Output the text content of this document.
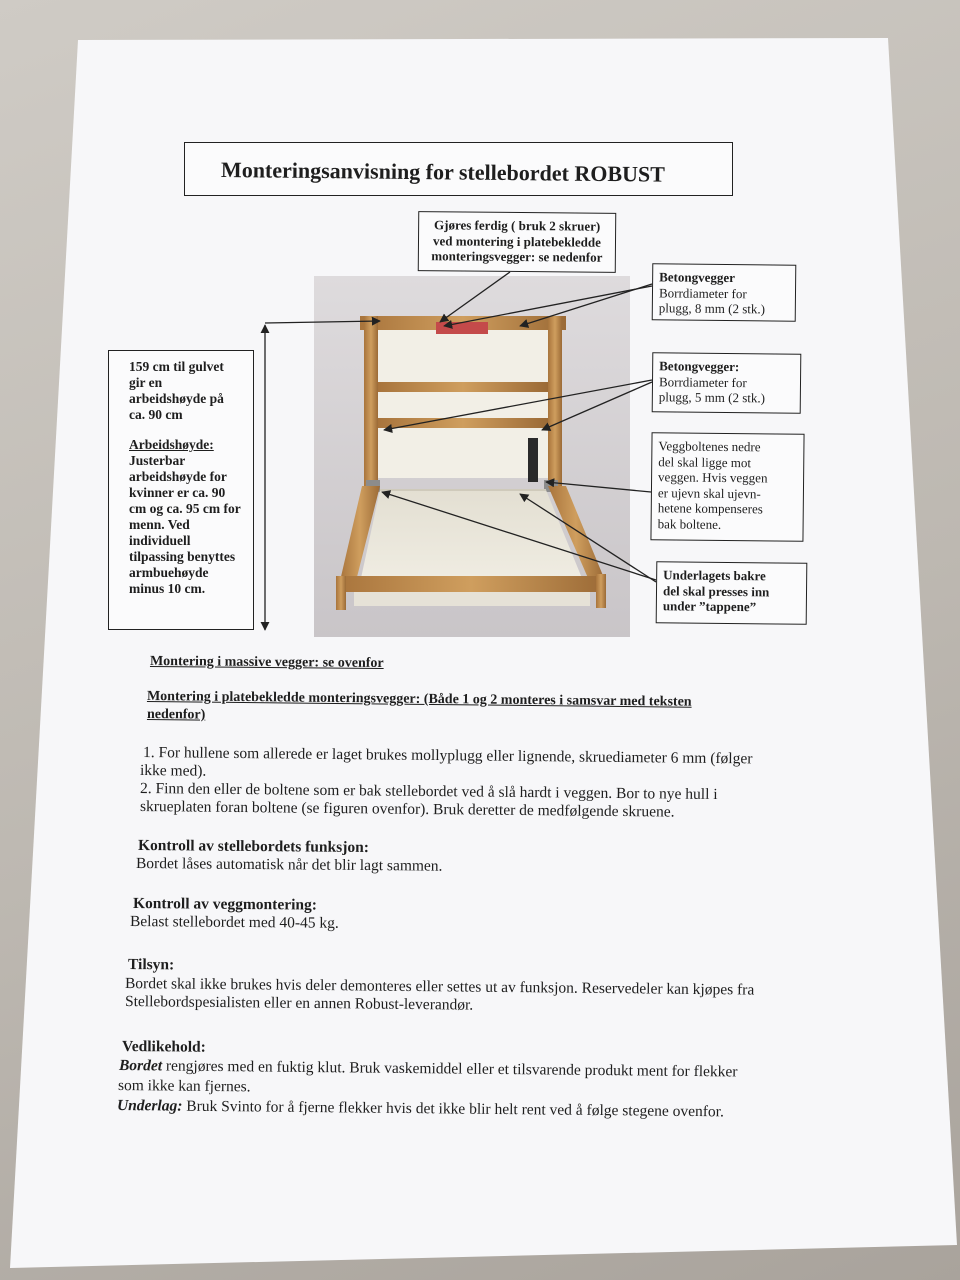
Monteringsanvisning for stellebordet ROBUST
Gjøres ferdig ( bruk 2 skruer)
ved montering i platebekledde
monteringsvegger: se nedenfor
Betongvegger
Borrdiameter for
plugg, 8 mm (2 stk.)
Betongvegger:
Borrdiameter for
plugg, 5 mm (2 stk.)
Veggboltenes nedre
del skal ligge mot
veggen. Hvis veggen
er ujevn skal ujevn-
hetene kompenseres
bak boltene.
Underlagets bakre
del skal presses inn
under ”tappene”

159 cm til gulvet
gir en
arbeidshøyde på
ca. 90 cm

Arbeidshøyde:
Justerbar
arbeidshøyde for
kvinner er ca. 90
cm og ca. 95 cm for
menn. Ved
individuell
tilpassing benyttes
armbuehøyde
minus 10 cm.

Montering i massive vegger: se ovenfor
Montering i platebekledde monteringsvegger: (Både 1 og 2 monteres i samsvar med teksten
nedenfor)
1. For hullene som allerede er laget brukes mollyplugg eller lignende, skruediameter 6 mm (følger
ikke med).
2. Finn den eller de boltene som er bak stellebordet ved å slå hardt i veggen. Bor to nye hull i
skrueplaten foran boltene (se figuren ovenfor). Bruk deretter de medfølgende skruene.
Kontroll av stellebordets funksjon:
Bordet låses automatisk når det blir lagt sammen.
Kontroll av veggmontering:
Belast stellebordet med 40-45 kg.
Tilsyn:
Bordet skal ikke brukes hvis deler demonteres eller settes ut av funksjon. Reservedeler kan kjøpes fra
Stellebordspesialisten eller en annen Robust-leverandør.
Vedlikehold:
Bordet rengjøres med en fuktig klut. Bruk vaskemiddel eller et tilsvarende produkt ment for flekker
som ikke kan fjernes.
Underlag: Bruk Svinto for å fjerne flekker hvis det ikke blir helt rent ved å følge stegene ovenfor.
